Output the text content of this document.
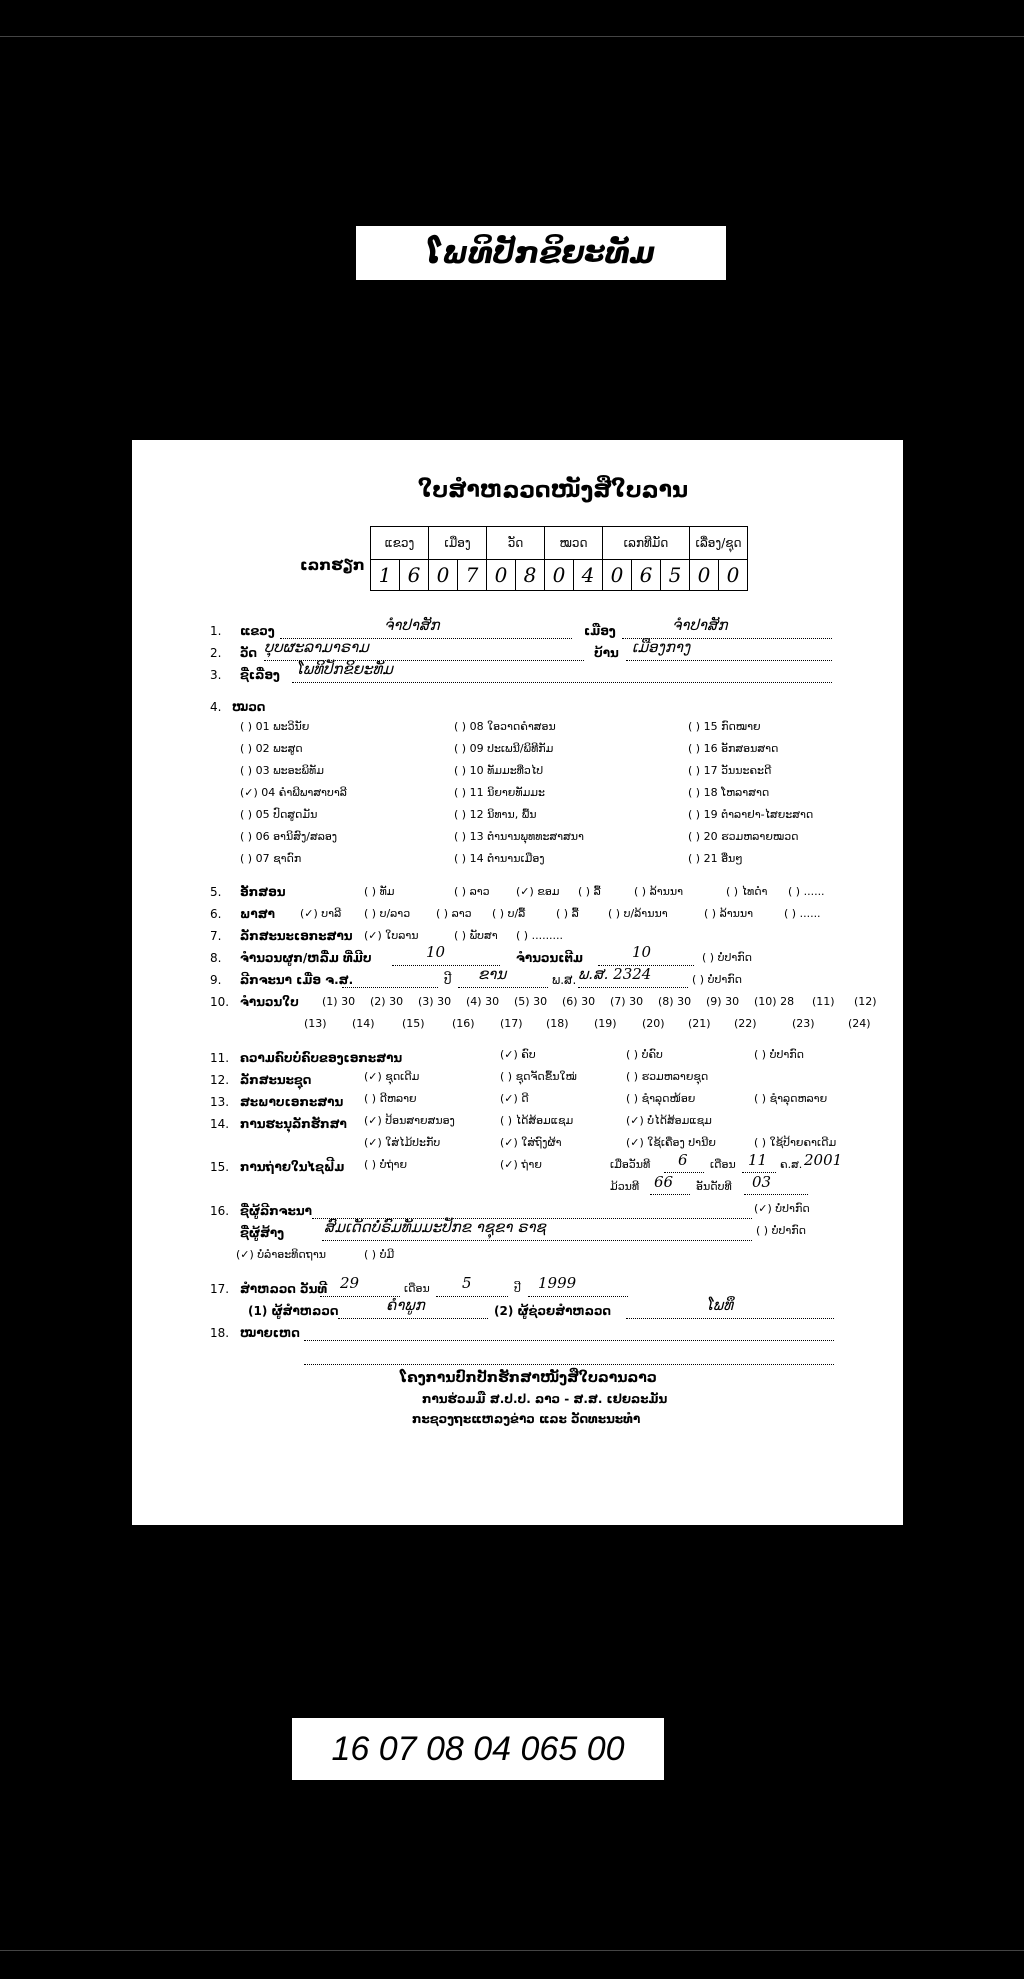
ໂພທິປັກຂິຍະທັມ
ໃບສຳຫລວດໜັງສືໃບລານ
ເລກຮຽກ
ແຂວງ		ເມືອງ		ວັດ		ໝວດ		ເລກທີມັດ			ເລື່ອງ/ຊຸດ	
1	6	0	7	0	8	0	4	0	6	5	0	0
1. ແຂວງ	ຈຳປາສັກ	ເມືອງ	ຈຳປາສັກ
2. ວັດ ບຸບຜະລາມາຣາມ	ບ້ານ ເມືອງກາງ
3. ຊື່ເລື່ອງ ໂພທິປັກຂິຍະທັມ
4. ໝວດ
( ) 01 ພະວິນັຍ
( ) 02 ພະສູດ
( ) 03 ພະອະພິທັມ
(✓) 04 ຄຳພີພາສາບາລີ
( ) 05 ປົດສູດມັນ
( ) 06 ອານິສົງ/ສລອງ
( ) 07 ຊາດົກ
( ) 08 ໃອວາດຄຳສອນ
( ) 09 ປະເພນີ/ພິທີກັມ
( ) 10 ທັມມະທີ່ວໄປ
( ) 11 ນິຍາຍທັມມະ
( ) 12 ນິທານ, ພື້ນ
( ) 13 ຕຳນານພຸທທະສາສນາ
( ) 14 ຕຳນານເມືອງ
( ) 15 ກົດໝາຍ
( ) 16 ອັກສອນສາດ
( ) 17 ວັນນະຄະດີ
( ) 18 ໂຫລາສາດ
( ) 19 ຕຳລາຢາ-ໄສຍະສາດ
( ) 20 ຮວມຫລາຍໝວດ
( ) 21 ອື່ນໆ
5. ອັກສອນ	( ) ທັມ	( ) ລາວ (✓) ຂອມ ( ) ລື້	( ) ລ້ານນາ	( ) ໄທດຳ ( ) ......
6. ພາສາ (✓) ບາລີ ( ) ບ/ລາວ ( ) ລາວ ( ) ບ/ລື້	( ) ລື້	( ) ບ/ລ້ານນາ	( ) ລ້ານນາ	( ) ......
7. ລັກສະນະເອກະສານ (✓) ໃບລານ	( ) ພັບສາ ( ) .........
8. ຈຳນວນຜູກ/ຫລື່ມ ທີ່ມີບ	10	ຈຳນວນເຕີມ	10	( ) ບໍ່ປາກົດ
9. ລີກຈະນາ ເມື່ອ ຈ.ສ.	ປີ ຂານ	ພ.ສ. ພ.ສ. 2324	( ) ບໍ່ປາກົດ
10. ຈຳນວນໃບ (1) 30 (2) 30 (3) 30 (4) 30 (5) 30 (6) 30 (7) 30 (8) 30 (9) 30 (10) 28 (11) (12)
(13) (14) (15) (16) (17) (18) (19) (20) (21) (22)	(23)	(24)
11. ຄວາມຄົບບໍ່ຄົບຂອງເອກະສານ	(✓) ຄົບ	( ) ບໍ່ຄົບ	( ) ບໍ່ປາກົດ
12. ລັກສະນະຊຸດ	(✓) ຊຸດເດີມ	( ) ຊຸດຈັດຂຶ້ນໃໝ່	( ) ຮວມຫລາຍຊຸດ
13. ສະພາບເອກະສານ ( ) ດີຫລາຍ	(✓) ດີ	( ) ຊຳລຸດໜ້ອຍ	( ) ຊຳລຸດຫລາຍ
14. ການຮະນຸລັກຮັກສາ (✓) ປ້ອນສາຍສນອງ	( ) ໄດ້ສ້ອມແຊມ	(✓) ບໍ່ໄດ້ສ້ອມແຊມ
(✓) ໃສ່ໄມ້ປະກັບ	(✓) ໃສ່ຖົງຜ້າ	(✓) ໃຊ້ເຄື່ອງ ປານີຍ	( ) ໃຊ້ປ້າຍຄາເດີມ
15. ການຖ່າຍໃນໄຊຟີມ ( ) ບໍ່ຖ່າຍ	(✓) ຖ່າຍ	ເມື່ອວັນທີ 6 ເດືອນ 11 ຄ.ສ. 2001
ມ້ວນທີ 66 ອັນດັບທີ 03
16. ຊື່ຜູ້ລີກຈະນາ	(✓) ບໍ່ປາກົດ
ຊື່ຜູ້ສ້າງ	ສົມເດັດບໍ່ຣົມທັມມະປັກຂ າຊຸຂາ ຣາຊ	( ) ບໍ່ປາກົດ
(✓) ບໍ່ລຳອະທິດຖານ	( ) ບໍ່ມີ
17. ສຳຫລວດ ວັນທີ 29	ເດືອນ 5	ປີ 1999
(1) ຜູ້ສຳຫລວດ	ຄຳພູກ	(2) ຜູ້ຊ່ວຍສຳຫລວດ	ໂພທຶ
18. ໝາຍເຫດ
ໂຄງການປົກປັກຮັກສາໜັງສືໃບລານລາວ
ການຮ່ວມມື ສ.ປ.ປ. ລາວ - ສ.ສ. ເຢຍລະມັນ
ກະຊວງຖະແຫລງຂ່າວ ແລະ ວັດທະນະທຳ
16 07 08 04 065 00
